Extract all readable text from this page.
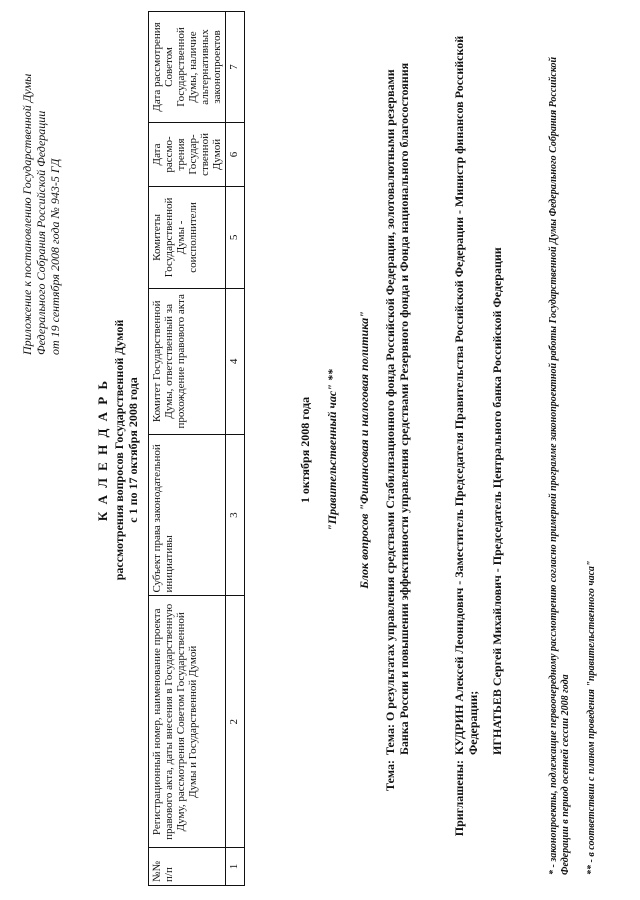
Приложение к постановлению Государственной Думы Федерального Собрания Российской Федерации от 19 сентября 2008 года № 943-5 ГД
К А Л Е Н Д А Р Ь рассмотрения вопросов Государственной Думой с 1 по 17 октября 2008 года
№№ п/п	Регистрационный номер, наименование проекта правового акта, даты внесения в Государственную Думу, рассмотрения Советом Государственной Думы и Государственной Думой	Субъект права законодательной инициативы	Комитет Государственной Думы, ответственный за прохождение правового акта	Комитеты Государственной Думы - соисполнители	Дата рассмо-трения Государ-ственной Думой	Дата рассмотрения Советом Государственной Думы, наличие альтернативных законопроектов
1	2	3	4	5	6	7
1 октября 2008 года "Правительственный час" ** Блок вопросов "Финансовая и налоговая политика"
Тема:
Тема: О результатах управления средствами Стабилизационного фонда Российской Федерации, золотовалютными резервами Банка России и повышении эффективности управления средствами Резервного фонда и Фонда национального благосостояния
Приглашены:
КУДРИН Алексей Леонидович - Заместитель Председателя Правительства Российской Федерации - Министр финансов Российской Федерации; ИГНАТЬЕВ Сергей Михайлович - Председатель Центрального банка Российской Федерации	* - законопроекты, подлежащие первоочередному рассмотрению согласно примерной программе законопроектной работы Государственной Думы Федерального Собрания Российской Федерации в период осенней сессии 2008 года ** - в соответствии с планом проведения "правительственного часа"
